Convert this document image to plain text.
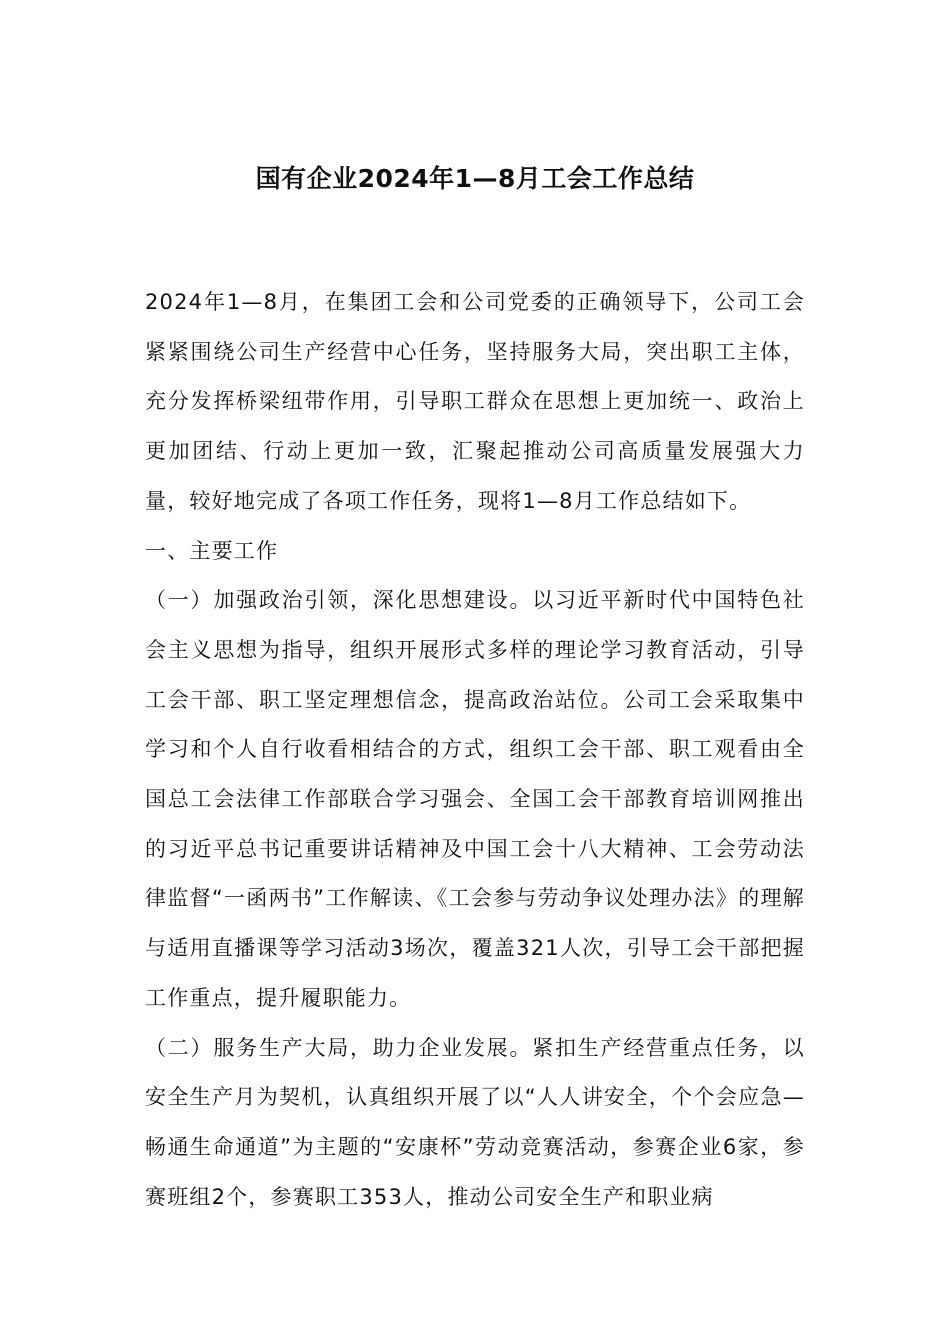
国有企业2024年1—8月工会工作总结

2024年1—8月，在集团工会和公司党委的正确领导下，公司工会紧紧围绕公司生产经营中心任务，坚持服务大局，突出职工主体，充分发挥桥梁纽带作用，引导职工群众在思想上更加统一、政治上更加团结、行动上更加一致，汇聚起推动公司高质量发展强大力量，较好地完成了各项工作任务，现将1—8月工作总结如下。

一、主要工作

（一）加强政治引领，深化思想建设。以习近平新时代中国特色社会主义思想为指导，组织开展形式多样的理论学习教育活动，引导工会干部、职工坚定理想信念，提高政治站位。公司工会采取集中学习和个人自行收看相结合的方式，组织工会干部、职工观看由全国总工会法律工作部联合学习强会、全国工会干部教育培训网推出的习近平总书记重要讲话精神及中国工会十八大精神、工会劳动法律监督“一函两书”工作解读、《工会参与劳动争议处理办法》的理解与适用直播课等学习活动3场次，覆盖321人次，引导工会干部把握工作重点，提升履职能力。

（二）服务生产大局，助力企业发展。紧扣生产经营重点任务，以安全生产月为契机，认真组织开展了以“人人讲安全，个个会应急—畅通生命通道”为主题的“安康杯”劳动竞赛活动，参赛企业6家，参赛班组2个，参赛职工353人，推动公司安全生产和职业病
